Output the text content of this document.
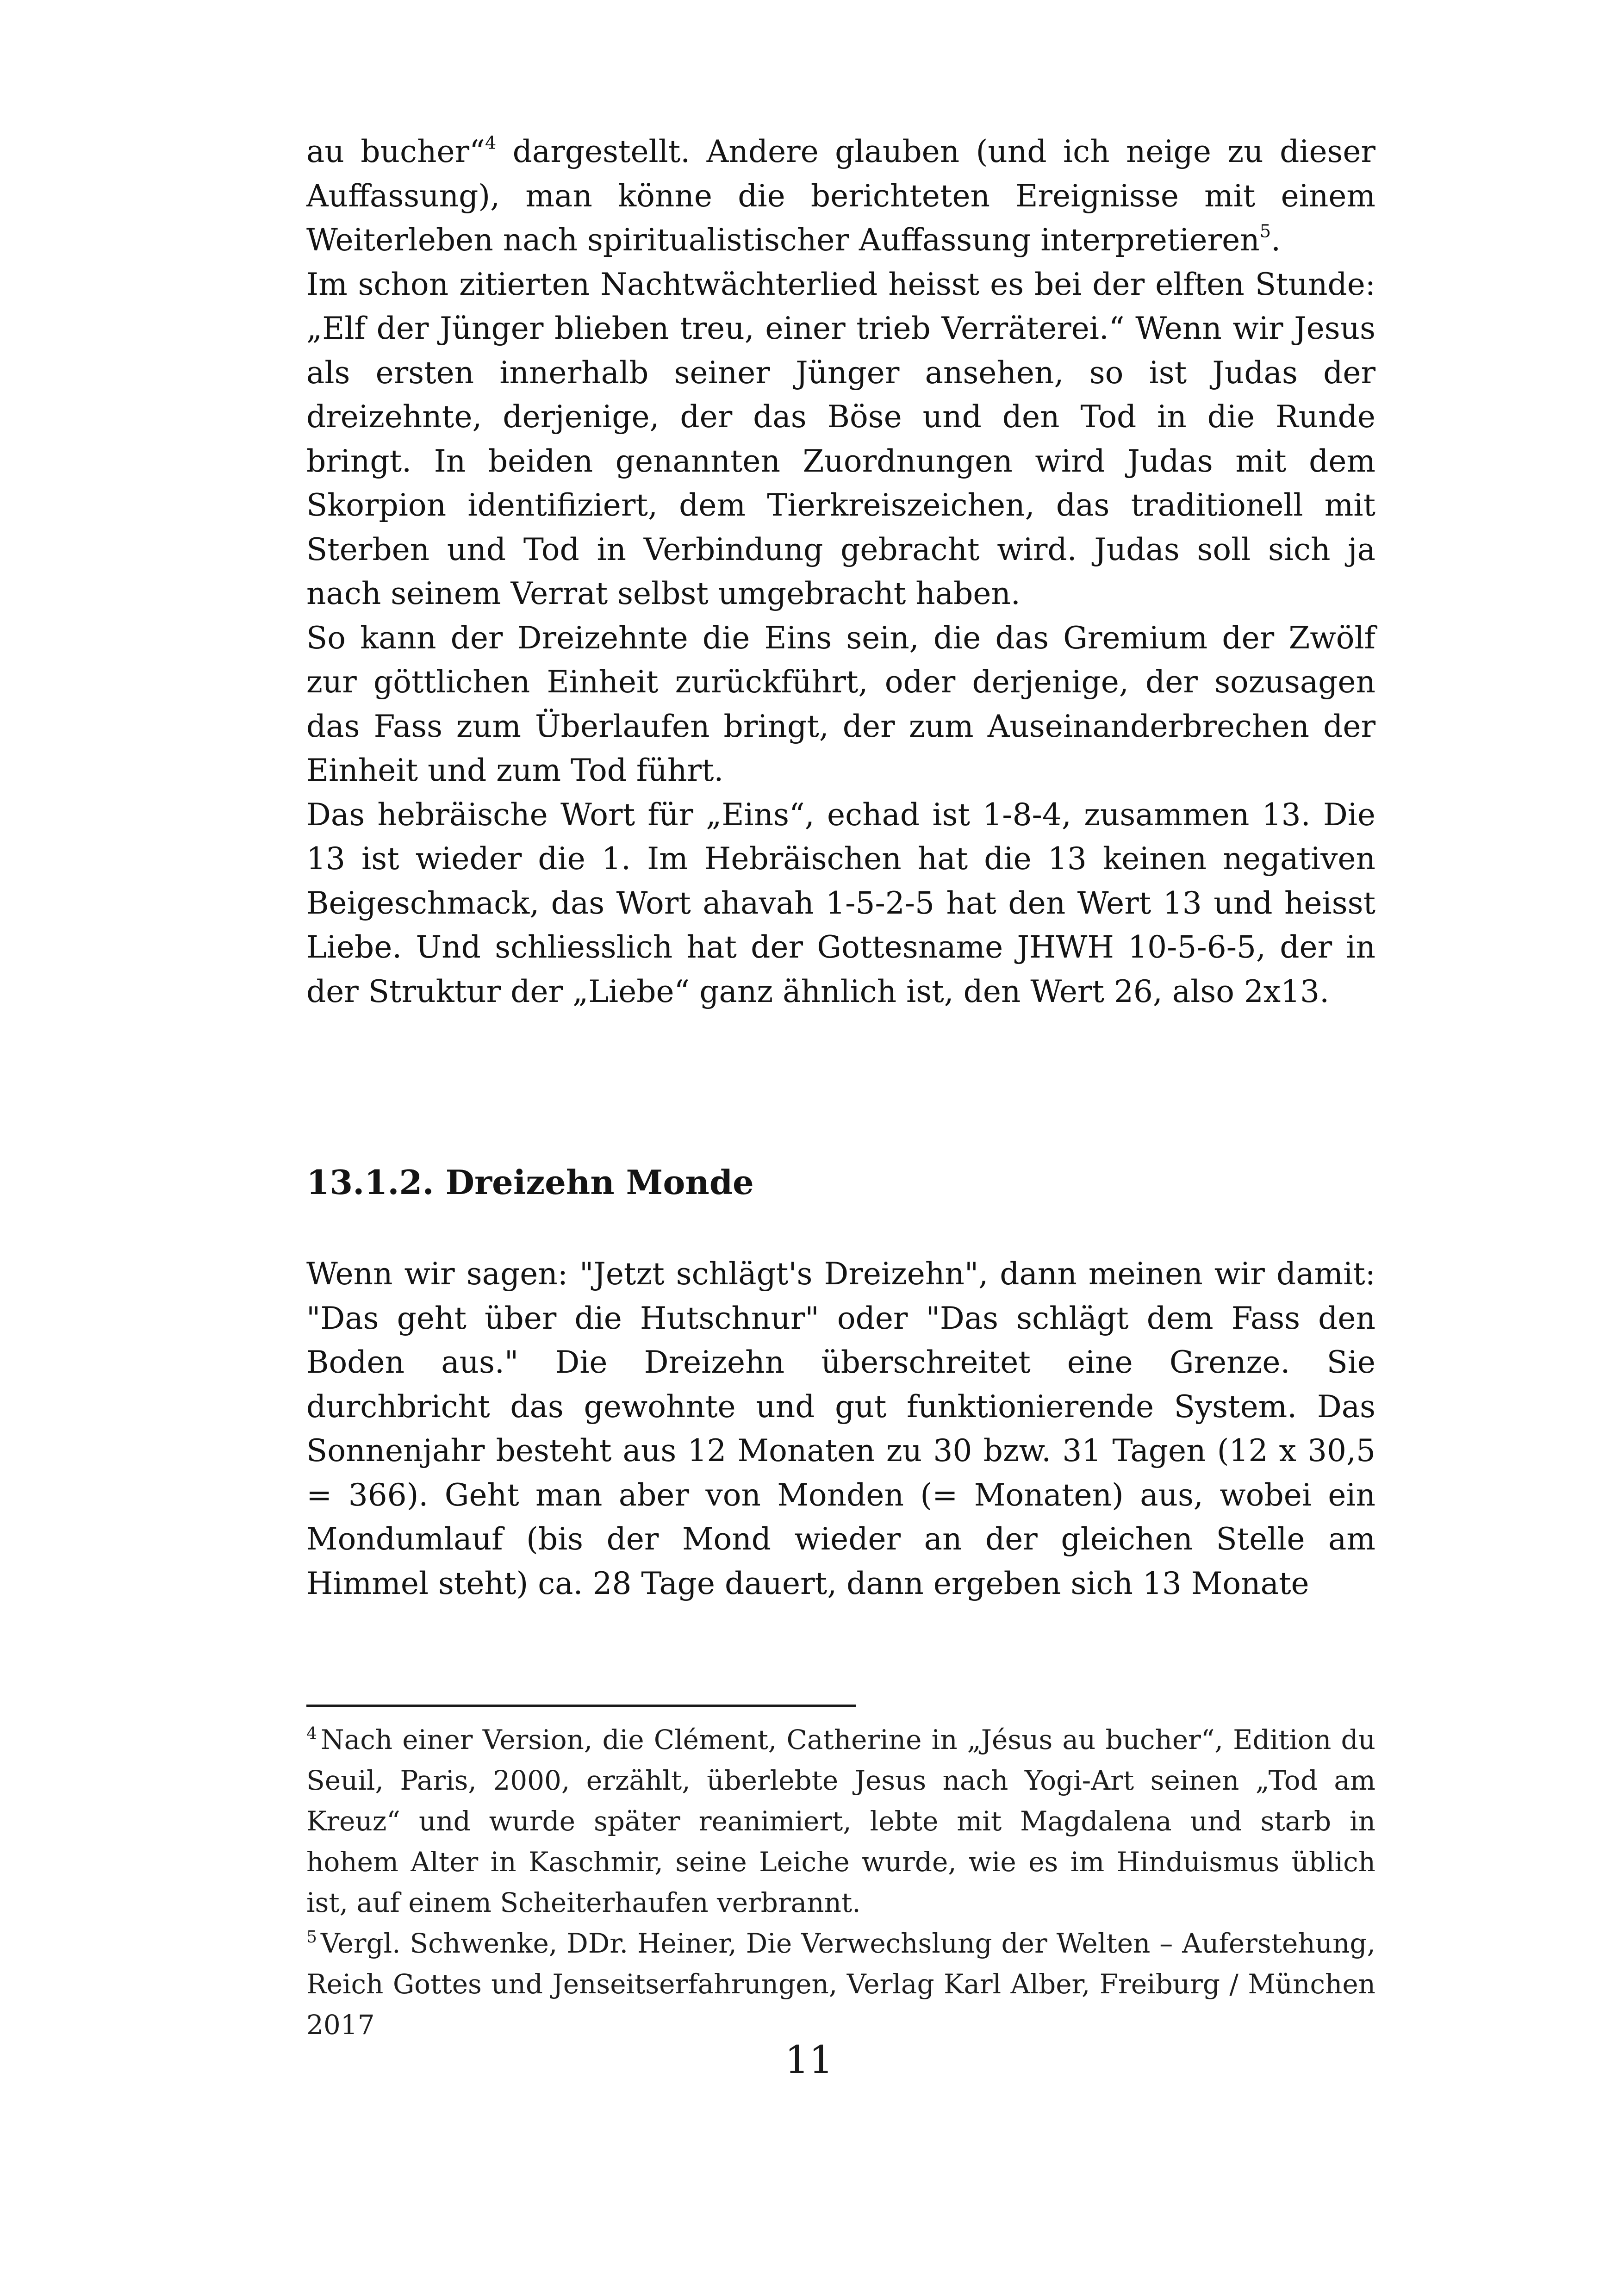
au bucher“$^4$ dargestellt. Andere glauben (und ich neige zu dieser Auffassung), man könne die berichteten Ereignisse mit einem Weiterleben nach spiritualistischer Auffassung interpretieren$^5$.

Im schon zitierten Nachtwächterlied heisst es bei der elften Stunde: „Elf der Jünger blieben treu, einer trieb Verräterei.“ Wenn wir Jesus als ersten innerhalb seiner Jünger ansehen, so ist Judas der dreizehnte, derjenige, der das Böse und den Tod in die Runde bringt. In beiden genannten Zuordnungen wird Judas mit dem Skorpion identifiziert, dem Tierkreiszeichen, das traditionell mit Sterben und Tod in Verbindung gebracht wird. Judas soll sich ja nach seinem Verrat selbst umgebracht haben.

So kann der Dreizehnte die Eins sein, die das Gremium der Zwölf zur göttlichen Einheit zurückführt, oder derjenige, der sozusagen das Fass zum Überlaufen bringt, der zum Auseinanderbrechen der Einheit und zum Tod führt.

Das hebräische Wort für „Eins“, echad ist 1-8-4, zusammen 13. Die 13 ist wieder die 1. Im Hebräischen hat die 13 keinen negativen Beigeschmack, das Wort ahavah 1-5-2-5 hat den Wert 13 und heisst Liebe. Und schliesslich hat der Gottesname JHWH 10-5-6-5, der in der Struktur der „Liebe“ ganz ähnlich ist, den Wert 26, also 2x13.

13.1.2. Dreizehn Monde

Wenn wir sagen: "Jetzt schlägt's Dreizehn", dann meinen wir damit: "Das geht über die Hutschnur" oder "Das schlägt dem Fass den Boden aus." Die Dreizehn überschreitet eine Grenze. Sie durchbricht das gewohnte und gut funktionierende System. Das Sonnenjahr besteht aus 12 Monaten zu 30 bzw. 31 Tagen (12 x 30,5 = 366). Geht man aber von Monden (= Monaten) aus, wobei ein Mondumlauf (bis der Mond wieder an der gleichen Stelle am Himmel steht) ca. 28 Tage dauert, dann ergeben sich 13 Monate

$^4$ Nach einer Version, die Clément, Catherine in „Jésus au bucher“, Edition du Seuil, Paris, 2000, erzählt, überlebte Jesus nach Yogi-Art seinen „Tod am Kreuz“ und wurde später reanimiert, lebte mit Magdalena und starb in hohem Alter in Kaschmir, seine Leiche wurde, wie es im Hinduismus üblich ist, auf einem Scheiterhaufen verbrannt.

$^5$ Vergl. Schwenke, DDr. Heiner, Die Verwechslung der Welten – Auferstehung, Reich Gottes und Jenseitserfahrungen, Verlag Karl Alber, Freiburg / München 2017

11
